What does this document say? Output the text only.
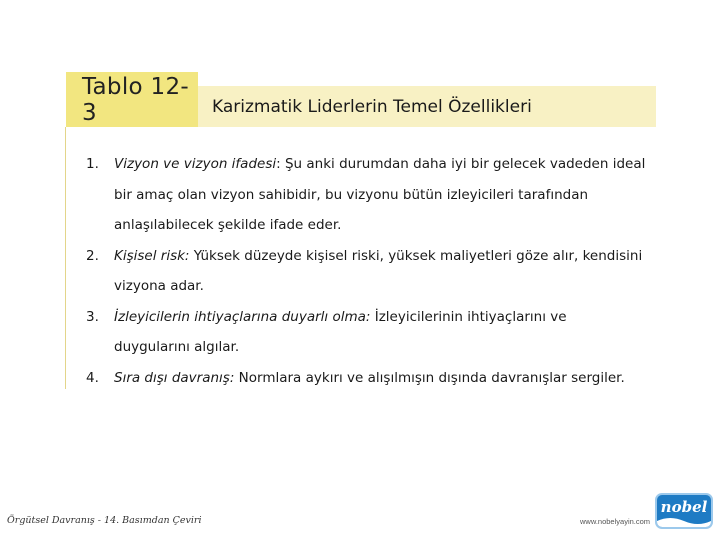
Tablo 12-3	Karizmatik Liderlerin Temel Özellikleri
1. Vizyon ve vizyon ifadesi: Şu anki durumdan daha iyi bir gelecek vadeden ideal bir amaç olan vizyon sahibidir, bu vizyonu bütün izleyicileri tarafından anlaşılabilecek şekilde ifade eder.
2. Kişisel risk: Yüksek düzeyde kişisel riski, yüksek maliyetleri göze alır, kendisini vizyona adar.
3. İzleyicilerin ihtiyaçlarına duyarlı olma: İzleyicilerinin ihtiyaçlarını ve duygularını algılar.
4. Sıra dışı davranış: Normlara aykırı ve alışılmışın dışında davranışlar sergiler.
Örgütsel Davranış - 14. Basımdan Çeviri	www.nobelyayin.com
nobel
